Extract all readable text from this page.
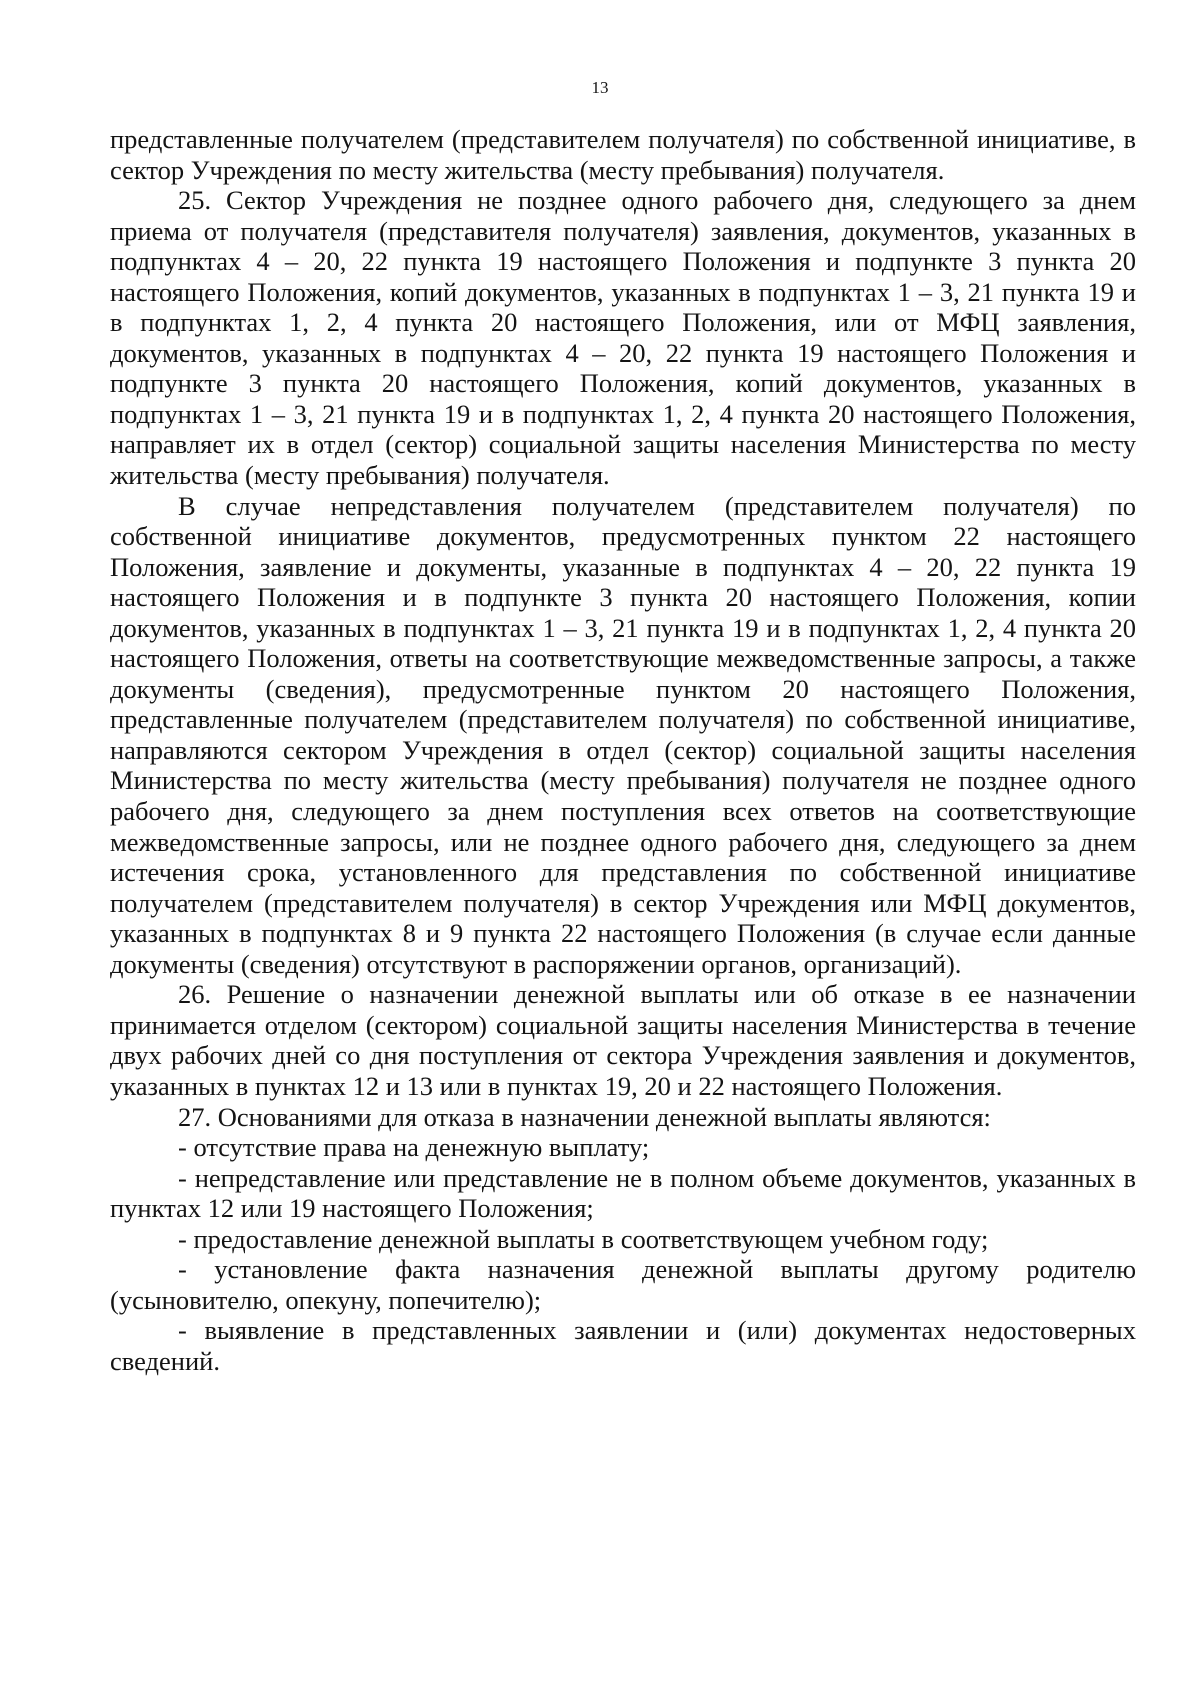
13

представленные получателем (представителем получателя) по собственной инициативе, в сектор Учреждения по месту жительства (месту пребывания) получателя.

25. Сектор Учреждения не позднее одного рабочего дня, следующего за днем приема от получателя (представителя получателя) заявления, документов, указанных в подпунктах 4 – 20, 22 пункта 19 настоящего Положения и подпункте 3 пункта 20 настоящего Положения, копий документов, указанных в подпунктах 1 – 3, 21 пункта 19 и в подпунктах 1, 2, 4 пункта 20 настоящего Положения, или от МФЦ заявления, документов, указанных в подпунктах 4 – 20, 22 пункта 19 настоящего Положения и подпункте 3 пункта 20 настоящего Положения, копий документов, указанных в подпунктах 1 – 3, 21 пункта 19 и в подпунктах 1, 2, 4 пункта 20 настоящего Положения, направляет их в отдел (сектор) социальной защиты населения Министерства по месту жительства (месту пребывания) получателя.

В случае непредставления получателем (представителем получателя) по собственной инициативе документов, предусмотренных пунктом 22 настоящего Положения, заявление и документы, указанные в подпунктах 4 – 20, 22 пункта 19 настоящего Положения и в подпункте 3 пункта 20 настоящего Положения, копии документов, указанных в подпунктах 1 – 3, 21 пункта 19 и в подпунктах 1, 2, 4 пункта 20 настоящего Положения, ответы на соответствующие межведомственные запросы, а также документы (сведения), предусмотренные пунктом 20 настоящего Положения, представленные получателем (представителем получателя) по собственной инициативе, направляются сектором Учреждения в отдел (сектор) социальной защиты населения Министерства по месту жительства (месту пребывания) получателя не позднее одного рабочего дня, следующего за днем поступления всех ответов на соответствующие межведомственные запросы, или не позднее одного рабочего дня, следующего за днем истечения срока, установленного для представления по собственной инициативе получателем (представителем получателя) в сектор Учреждения или МФЦ документов, указанных в подпунктах 8 и 9 пункта 22 настоящего Положения (в случае если данные документы (сведения) отсутствуют в распоряжении органов, организаций).

26. Решение о назначении денежной выплаты или об отказе в ее назначении принимается отделом (сектором) социальной защиты населения Министерства в течение двух рабочих дней со дня поступления от сектора Учреждения заявления и документов, указанных в пунктах 12 и 13 или в пунктах 19, 20 и 22 настоящего Положения.

27. Основаниями для отказа в назначении денежной выплаты являются:

- отсутствие права на денежную выплату;

- непредставление или представление не в полном объеме документов, указанных в пунктах 12 или 19 настоящего Положения;

- предоставление денежной выплаты в соответствующем учебном году;

- установление факта назначения денежной выплаты другому родителю (усыновителю, опекуну, попечителю);

- выявление в представленных заявлении и (или) документах недостоверных сведений.
